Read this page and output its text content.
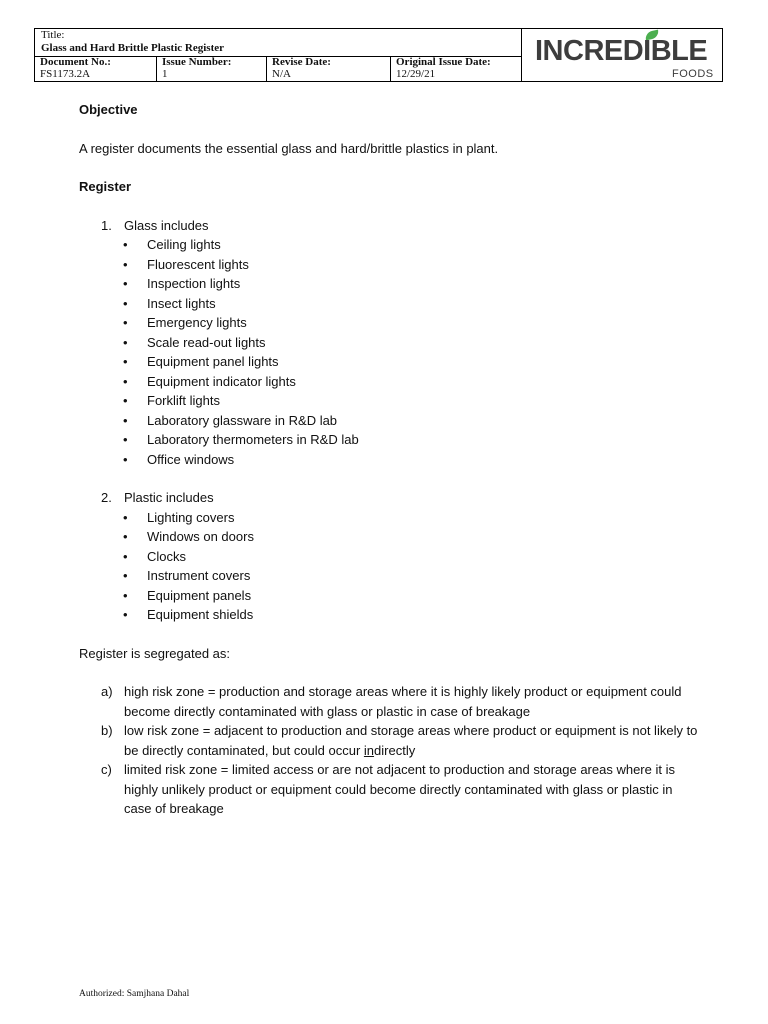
Title:
Glass and Hard Brittle Plastic Register
Document No.:
FS1173.2A
Issue Number:
1
Revise Date:
N/A
Original Issue Date:
12/29/21
INCREDIBLE
FOODS

Objective

A register documents the essential glass and hard/brittle plastics in plant.

Register

1. Glass includes

• Ceiling lights
• Fluorescent lights
• Inspection lights
• Insect lights
• Emergency lights
• Scale read-out lights
• Equipment panel lights
• Equipment indicator lights
• Forklift lights
• Laboratory glassware in R&D lab
• Laboratory thermometers in R&D lab
• Office windows

2. Plastic includes

• Lighting covers
• Windows on doors
• Clocks
• Instrument covers
• Equipment panels
• Equipment shields

Register is segregated as:

a) high risk zone = production and storage areas where it is highly likely product or equipment could become directly contaminated with glass or plastic in case of breakage

b) low risk zone = adjacent to production and storage areas where product or equipment is not likely to be directly contaminated, but could occur indirectly

c) limited risk zone = limited access or are not adjacent to production and storage areas where it is highly unlikely product or equipment could become directly contaminated with glass or plastic in case of breakage

Authorized: Samjhana Dahal
